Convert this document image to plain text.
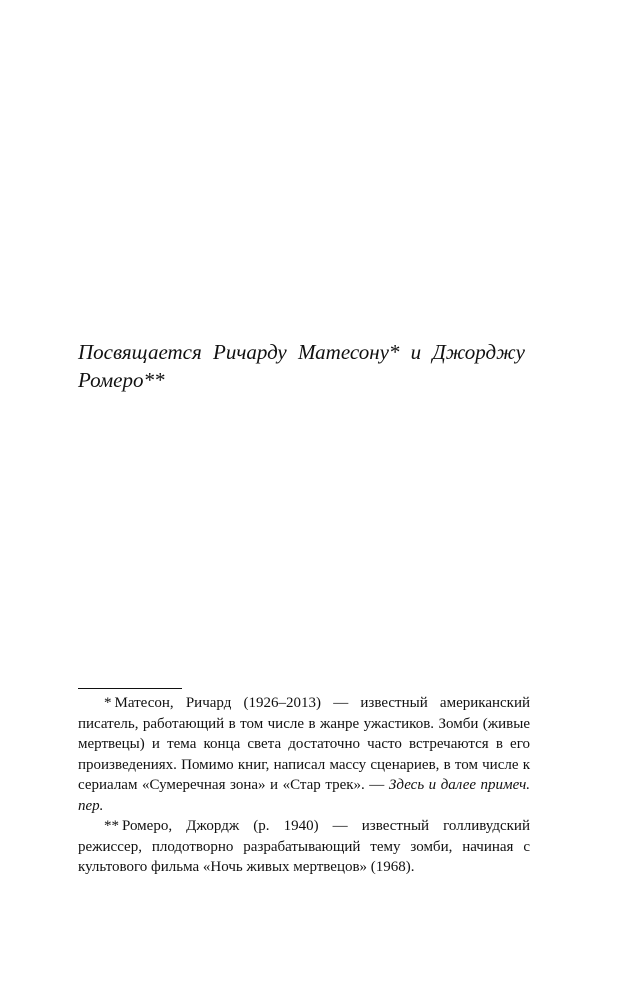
Посвящается Ричарду Матесону* и Джорджу Ромеро**

* Матесон, Ричард (1926–2013) — известный американский писатель, работающий в том числе в жанре ужастиков. Зомби (живые мертвецы) и тема конца света достаточно часто встречаются в его произведениях. Помимо книг, написал массу сценариев, в том числе к сериалам «Сумеречная зона» и «Стар трек». — Здесь и далее примеч. пер.

** Ромеро, Джордж (р. 1940) — известный голливудский режиссер, плодотворно разрабатывающий тему зомби, начиная с культового фильма «Ночь живых мертвецов» (1968).
